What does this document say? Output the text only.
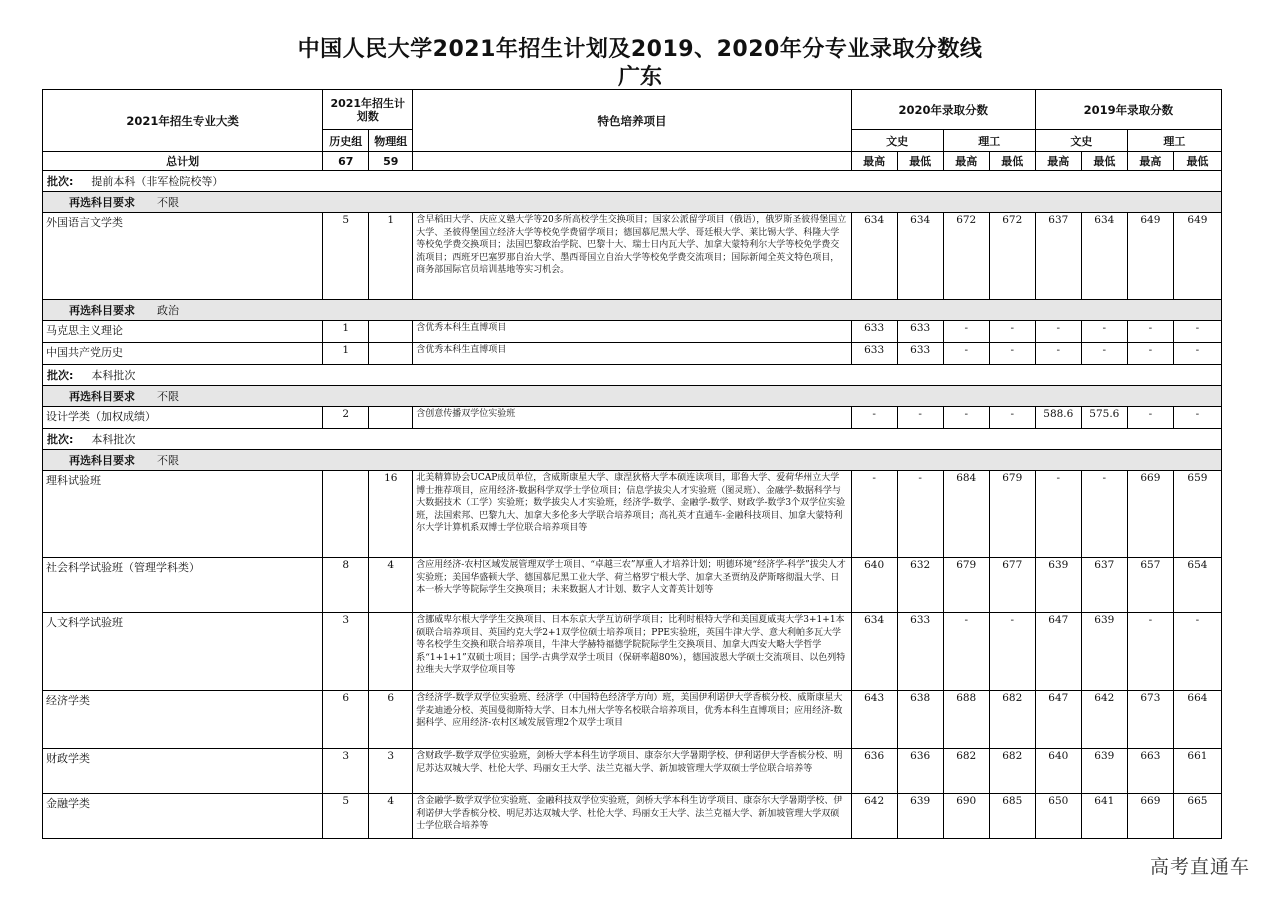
中国人民大学2021年招生计划及2019、2020年分专业录取分数线
广东
2021年招生专业大类	2021年招生计划数		特色培养项目	2020年录取分数				2019年录取分数			
	历史组	物理组		文史		理工		文史		理工	
总计划	67	59		最高	最低	最高	最低	最高	最低	最高	最低
批次: 提前本科（非军检院校等）											
再选科目要求 不限											
外国语言文学类	5	1	含早稻田大学、庆应义塾大学等20多所高校学生交换项目；国家公派留学项目（俄语），俄罗斯圣彼得堡国立大学、圣彼得堡国立经济大学等校免学费留学项目；德国慕尼黑大学、哥廷根大学、莱比锡大学、科隆大学等校免学费交换项目；法国巴黎政治学院、巴黎十大、瑞士日内瓦大学、加拿大蒙特利尔大学等校免学费交流项目；西班牙巴塞罗那自治大学、墨西哥国立自治大学等校免学费交流项目；国际新闻全英文特色项目，商务部国际官员培训基地等实习机会。	634	634	672	672	637	634	649	649
再选科目要求 政治											
马克思主义理论	1		含优秀本科生直博项目	633	633	-	-	-	-	-	-
中国共产党历史	1		含优秀本科生直博项目	633	633	-	-	-	-	-	-
批次: 本科批次											
再选科目要求 不限											
设计学类（加权成绩）	2		含创意传播双学位实验班	-	-	-	-	588.6	575.6	-	-
批次: 本科批次											
再选科目要求 不限											
理科试验班		16	北美精算协会UCAP成员单位，含威斯康星大学、康涅狄格大学本硕连读项目，耶鲁大学、爱荷华州立大学博士推荐项目，应用经济-数据科学双学士学位项目；信息学拔尖人才实验班（图灵班）、金融学-数据科学与大数据技术（工学）实验班；数学拔尖人才实验班，经济学-数学、金融学-数学、财政学-数学3个双学位实验班，法国索邦、巴黎九大、加拿大多伦多大学联合培养项目；高礼英才直通车-金融科技项目、加拿大蒙特利尔大学计算机系双博士学位联合培养项目等	-	-	684	679	-	-	669	659
社会科学试验班（管理学科类）	8	4	含应用经济-农村区域发展管理双学士项目、“卓越三农”厚重人才培养计划；明德环境“经济学-科学”拔尖人才实验班；美国华盛顿大学、德国慕尼黑工业大学、荷兰格罗宁根大学、加拿大圣贾纳及萨斯喀彻温大学、日本一桥大学等院际学生交换项目；未来数据人才计划、数字人文菁英计划等	640	632	679	677	639	637	657	654
人文科学试验班	3		含挪威卑尔根大学学生交换项目、日本东京大学互访研学项目；比利时根特大学和美国夏威夷大学3+1+1本硕联合培养项目、英国约克大学2+1双学位硕士培养项目；PPE实验班，英国牛津大学、意大利帕多瓦大学等名校学生交换和联合培养项目，牛津大学赫特福德学院院际学生交换项目、加拿大西安大略大学哲学系“1+1+1”双硕士项目；国学-古典学双学士项目（保研率超80%），德国波恩大学硕士交流项目、以色列特拉维夫大学双学位项目等	634	633	-	-	647	639	-	-
经济学类	6	6	含经济学-数学双学位实验班、经济学（中国特色经济学方向）班，美国伊利诺伊大学香槟分校、威斯康星大学麦迪逊分校、英国曼彻斯特大学、日本九州大学等名校联合培养项目，优秀本科生直博项目；应用经济-数据科学、应用经济-农村区域发展管理2个双学士项目	643	638	688	682	647	642	673	664
财政学类	3	3	含财政学-数学双学位实验班，剑桥大学本科生访学项目、康奈尔大学暑期学校、伊利诺伊大学香槟分校、明尼苏达双城大学、杜伦大学、玛丽女王大学、法兰克福大学、新加坡管理大学双硕士学位联合培养等	636	636	682	682	640	639	663	661
金融学类	5	4	含金融学-数学双学位实验班、金融科技双学位实验班，剑桥大学本科生访学项目、康奈尔大学暑期学校、伊利诺伊大学香槟分校、明尼苏达双城大学、杜伦大学、玛丽女王大学、法兰克福大学、新加坡管理大学双硕士学位联合培养等	642	639	690	685	650	641	669	665
高考直通车
